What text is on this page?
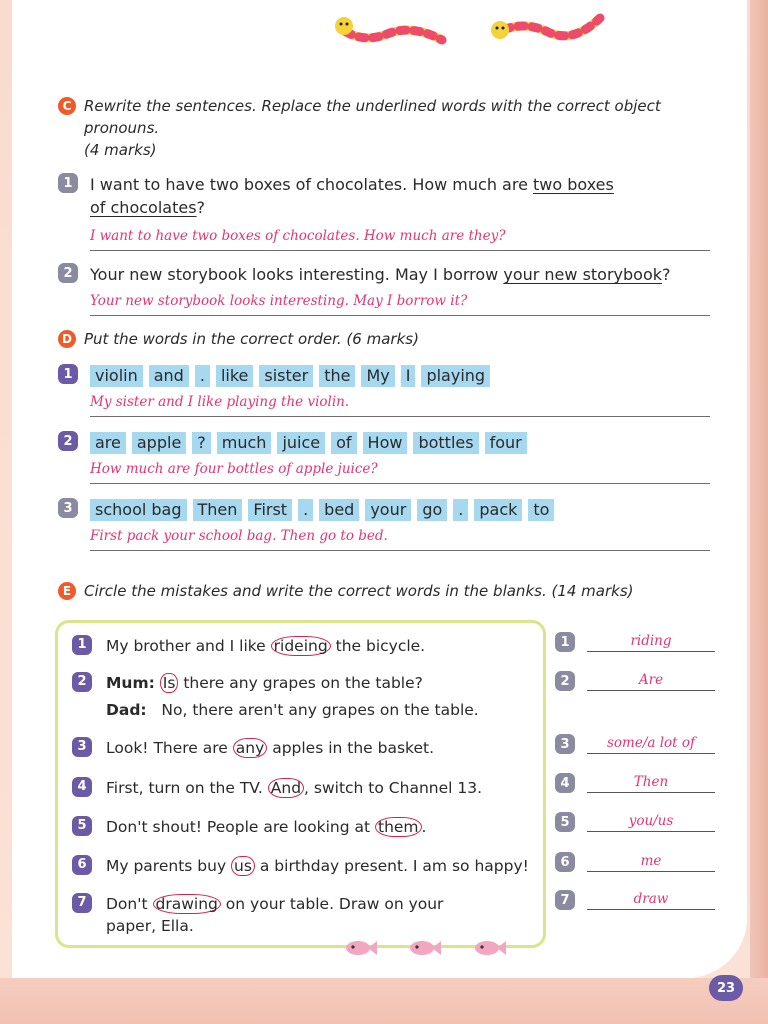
C Rewrite the sentences. Replace the underlined words with the correct object pronouns.
(4 marks)
1	I want to have two boxes of chocolates. How much are two boxes
of chocolates?
I want to have two boxes of chocolates. How much are they?
2	Your new storybook looks interesting. May I borrow your new storybook?
Your new storybook looks interesting. May I borrow it?
D Put the words in the correct order. (6 marks)
1	violin and . like sister the My I playing
My sister and I like playing the violin.
2	are apple ? much juice of How bottles four
How much are four bottles of apple juice?
3	school bag Then First . bed your go . pack to
First pack your school bag. Then go to bed.
E Circle the mistakes and write the correct words in the blanks. (14 marks)
1	My brother and I like rideing the bicycle.
2	Mum: Is there any grapes on the table?
Dad: No, there aren't any grapes on the table.
3	Look! There are any apples in the basket.
4	First, turn on the TV. And , switch to Channel 13.
5	Don't shout! People are looking at them .
6	My parents buy us a birthday present. I am so happy!
7	Don't drawing on your table. Draw on your
paper, Ella.
1	riding
2	Are
3	some/a lot of
4	Then
5	you/us
6	me
7	draw
23
